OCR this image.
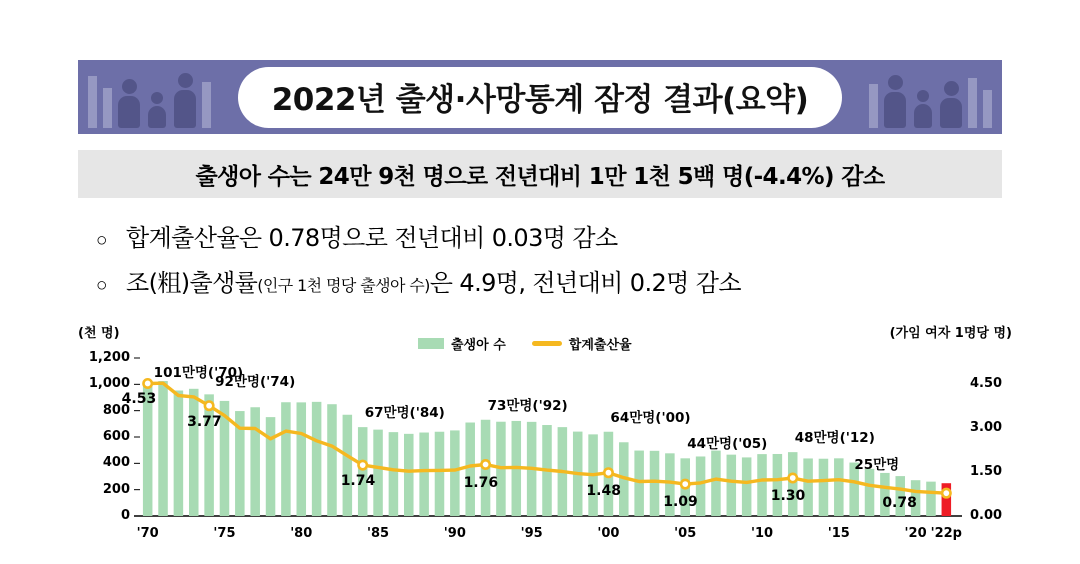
2022년 출생·사망통계 잠정 결과(요약)
출생아 수는 24만 9천 명으로 전년대비 1만 1천 5백 명(-4.4%) 감소
○ 합계출산율은 0.78명으로 전년대비 0.03명 감소
○ 조(粗)출생률(인구 1천 명당 출생아 수)은 4.9명, 전년대비 0.2명 감소
(천 명)	(가임 여자 1명당 명)
출생아 수	합계출산율
0
200
400
600
800
1,000
1,200
0.00
1.50
3.00
4.50
'70	'75	'80	'85	'90	'95	'00	'05	'10	'15	'20 '22p
101만명('70)
92만명('74)
67만명('84)	73만명('92)
64만명('00)
44만명('05) 48만명('12)
25만명
4.53
3.77
1.74	1.76
1.48
1.09	1.30	0.78
